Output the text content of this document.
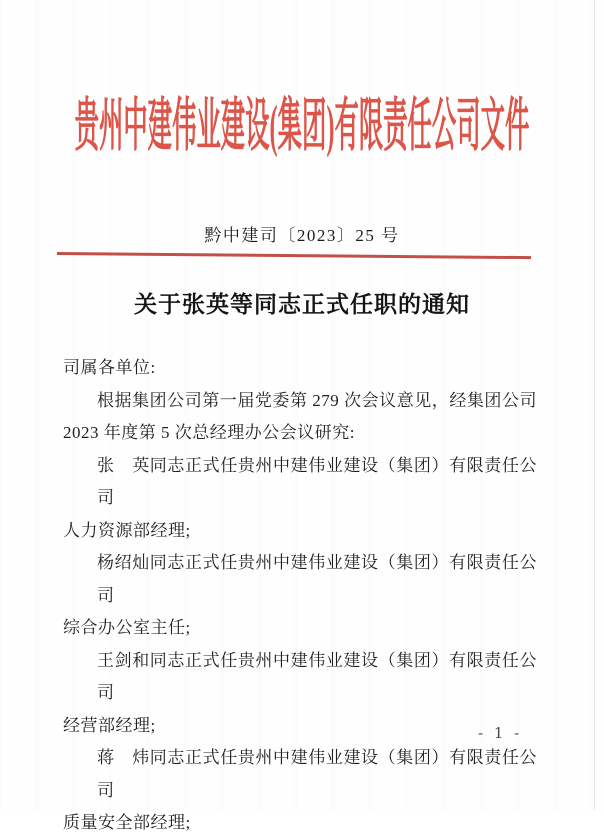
贵州中建伟业建设(集团)有限责任公司文件
黔中建司〔2023〕25 号
关于张英等同志正式任职的通知
司属各单位:
根据集团公司第一届党委第 279 次会议意见，经集团公司
2023 年度第 5 次总经理办公会议研究:
张　英同志正式任贵州中建伟业建设（集团）有限责任公司
人力资源部经理;
杨绍灿同志正式任贵州中建伟业建设（集团）有限责任公司
综合办公室主任;
王剑和同志正式任贵州中建伟业建设（集团）有限责任公司
经营部经理;
蒋　炜同志正式任贵州中建伟业建设（集团）有限责任公司
质量安全部经理;
- 1 -
